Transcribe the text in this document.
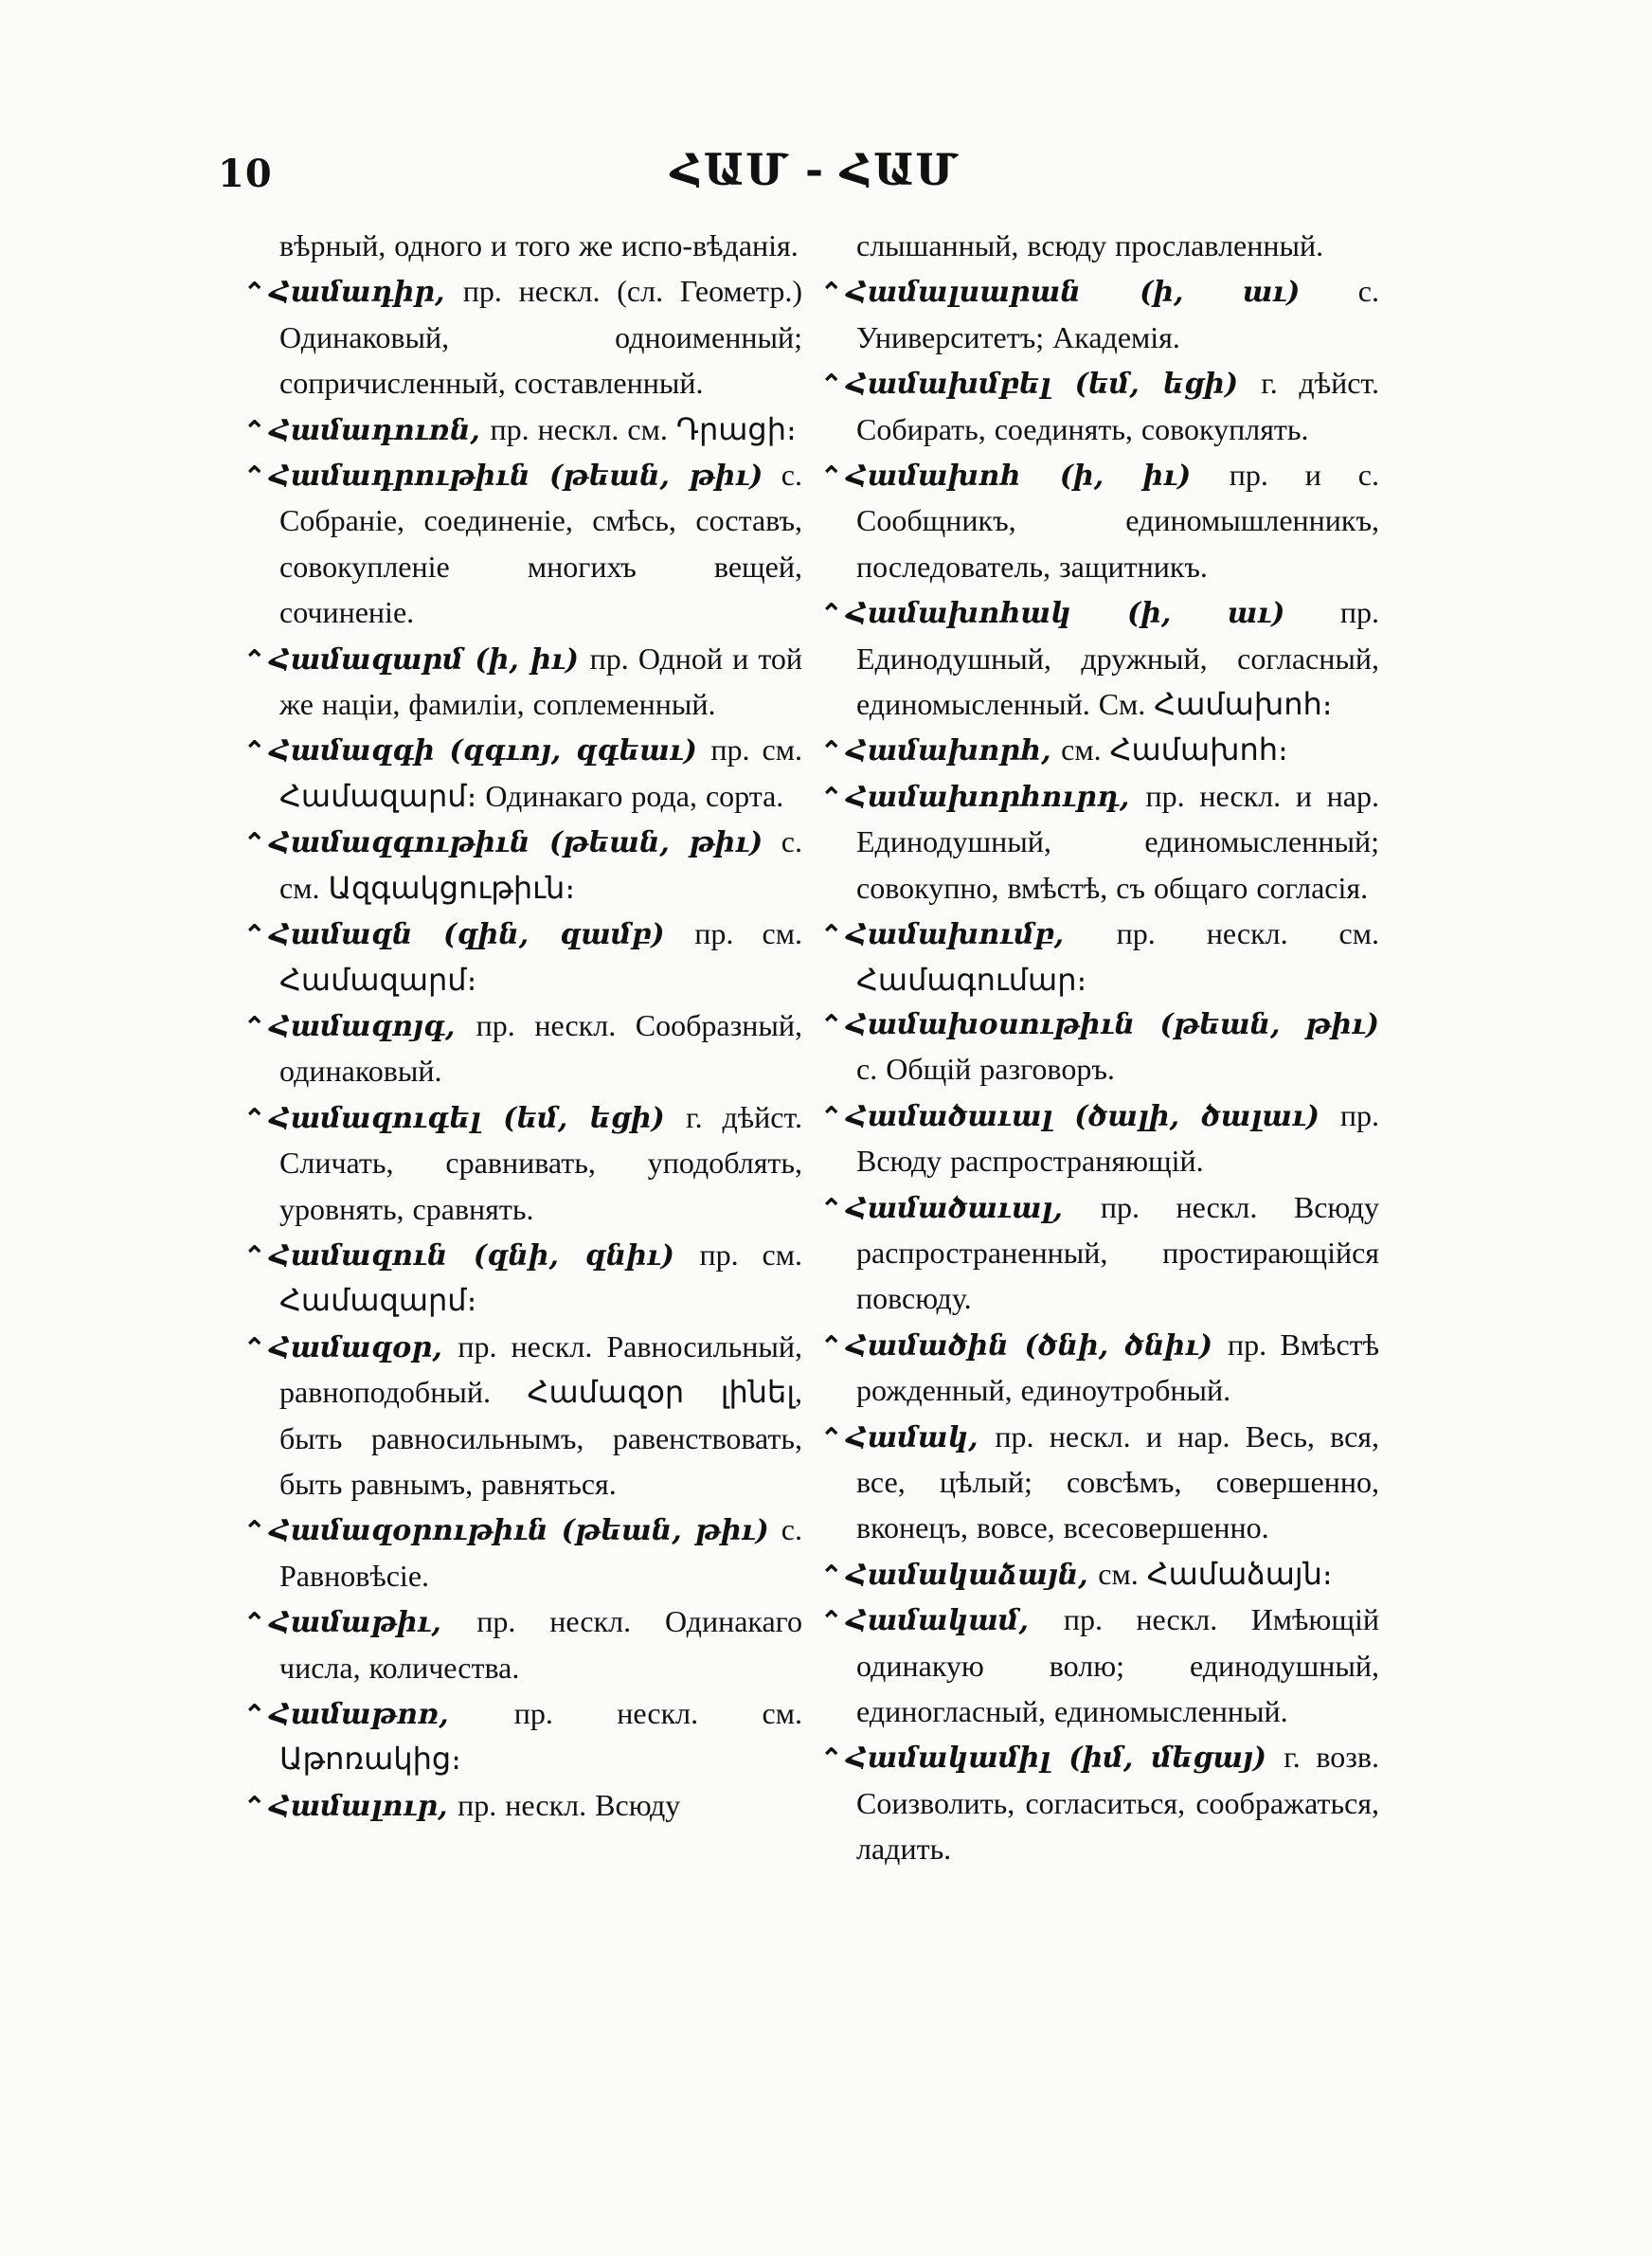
10	ՀԱՄ - ՀԱՄ

вѣрный, одного и того же испо-вѣданія.

⌃ Համադիր, пр. нескл. (сл. Геометр.) Одинаковый, одноименный; сопричисленный, составленный.

⌃ Համադուռն, пр. нескл. см. Դրացի։

⌃ Համադրութիւն (թեան, թիւ) с. Собраніе, соединеніе, смѣсь, составъ, совокупленіе многихъ вещей, сочиненіе.

⌃ Համազարմ (ի, իւ) пр. Одной и той же націи, фамиліи, соплеменный.

⌃ Համազգի (զգւոյ, զգեաւ) пр. см. Համազարմ։ Одинакаго рода, сорта.

⌃ Համազգութիւն (թեան, թիւ) с. см. Ազգակցութիւն։

⌃ Համազն (զին, զամբ) пр. см. Համազարմ։

⌃ Համազոյգ, пр. нескл. Сообразный, одинаковый.

⌃ Համազուգել (եմ, եցի) г. дѣйст. Сличать, сравнивать, уподоблять, уровнять, сравнять.

⌃ Համազուն (զնի, զնիւ) пр. см. Համազարմ։

⌃ Համազօր, пр. нескл. Равносильный, равноподобный. Համազօր լինել, быть равносильнымъ, равенствовать, быть равнымъ, равняться.

⌃ Համազօրութիւն (թեան, թիւ) с. Равновѣсіе.

⌃ Համաթիւ, пр. нескл. Одинакаго числа, количества.

⌃ Համաթոռ, пр. нескл. см. Աթոռակից։

⌃ Համալուր, пр. нескл. Всюду

слышанный, всюду прославленный.

⌃ Համալսարան (ի, աւ) с. Университетъ; Академія.

⌃ Համախմբել (եմ, եցի) г. дѣйст. Собирать, соединять, совокуплять.

⌃ Համախոհ (ի, իւ) пр. и с. Сообщникъ, единомышленникъ, последователь, защитникъ.

⌃ Համախոհակ (ի, աւ) пр. Единодушный, дружный, согласный, единомысленный. См. Համախոհ։

⌃ Համախորհ, см. Համախոհ։

⌃ Համախորհուրդ, пр. нескл. и нар. Единодушный, единомысленный; совокупно, вмѣстѣ, съ общаго согласія.

⌃ Համախումբ, пр. нескл. см. Համագումար։

⌃ Համախօսութիւն (թեան, թիւ) с. Общій разговоръ.

⌃ Համածաւալ (ծալի, ծալաւ) пр. Всюду распространяющій.

⌃ Համածաւալ, пр. нескл. Всюду распространенный, простирающійся повсюду.

⌃ Համածին (ծնի, ծնիւ) пр. Вмѣстѣ рожденный, единоутробный.

⌃ Համակ, пр. нескл. и нар. Весь, вся, все, цѣлый; совсѣмъ, совершенно, вконецъ, вовсе, всесовершенно.

⌃ Համակաձայն, см. Համաձայն։

⌃ Համակամ, пр. нескл. Имѣющій одинакую волю; единодушный, единогласный, единомысленный.

⌃ Համակամիլ (իմ, մեցայ) г. возв. Соизволить, согласиться, соображаться, ладить.
